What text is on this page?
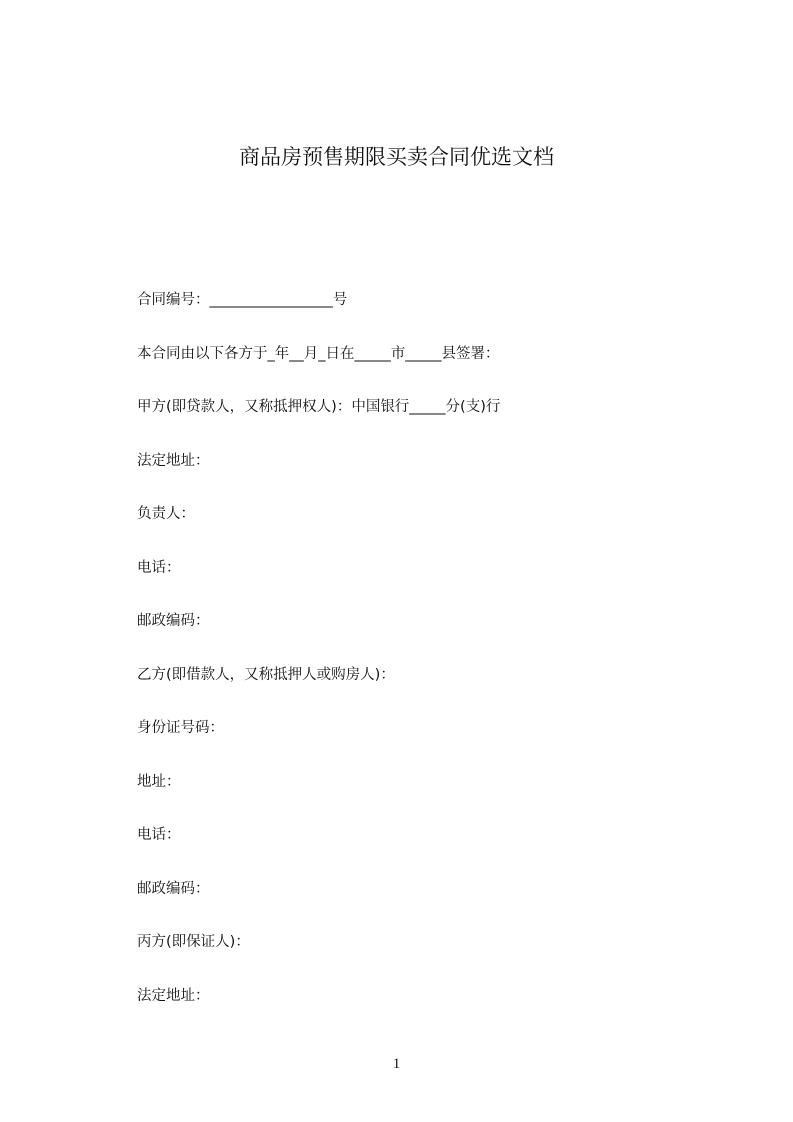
商品房预售期限买卖合同优选文档
合同编号：_________________号
本合同由以下各方于_年__月_日在_____市_____县签署：
甲方(即贷款人，又称抵押权人)：中国银行_____分(支)行
法定地址：
负责人：
电话：
邮政编码：
乙方(即借款人，又称抵押人或购房人)：
身份证号码：
地址：
电话：
邮政编码：
丙方(即保证人)：
法定地址：
1
